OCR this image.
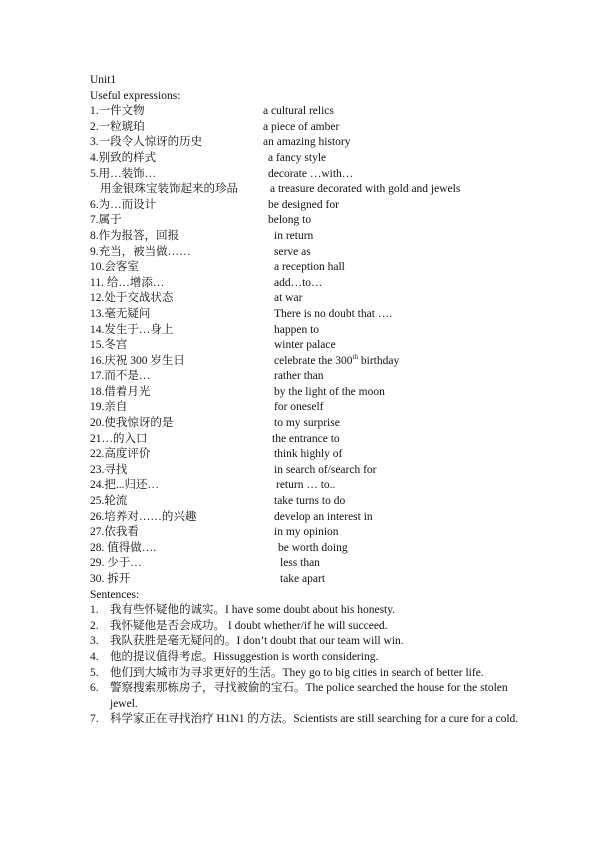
Unit1
Useful expressions:
1.一件文物	a cultural relics
2.一粒琥珀	a piece of amber
3.一段令人惊讶的历史	an amazing history
4.别致的样式	a fancy style
5.用…装饰…	decorate …with…
用金银珠宝装饰起来的珍品	a treasure decorated with gold and jewels
6.为…而设计	be designed for
7.属于	belong to
8.作为报答，回报	in return
9.充当，被当做……	serve as
10.会客室	a reception hall
11. 给…增添…	add…to…
12.处于交战状态	at war
13.毫无疑问	There is no doubt that ….
14.发生于…身上	happen to
15.冬宫	winter palace
16.庆祝 300 岁生日	celebrate the 300th birthday
17.而不是…	rather than
18.借着月光	by the light of the moon
19.亲自	for oneself
20.使我惊讶的是	to my surprise
21…的入口	the entrance to
22.高度评价	think highly of
23.寻找	in search of/search for
24.把...归还…	return … to..
25.轮流	take turns to do
26.培养对……的兴趣	develop an interest in
27.依我看	in my opinion
28. 值得做….	be worth doing
29. 少于…	less than
30. 拆开	take apart
Sentences:
1. 我有些怀疑他的诚实。I have some doubt about his honesty.
2. 我怀疑他是否会成功。 I doubt whether/if he will succeed.
3. 我队获胜是毫无疑问的。I don’t doubt that our team will win.
4. 他的提议值得考虑。Hissuggestion is worth considering.
5. 他们到大城市为寻求更好的生活。They go to big cities in search of better life.
6. 警察搜索那栋房子，寻找被偷的宝石。The police searched the house for the stolen jewel.
7. 科学家正在寻找治疗 H1N1 的方法。Scientists are still searching for a cure for a cold.
